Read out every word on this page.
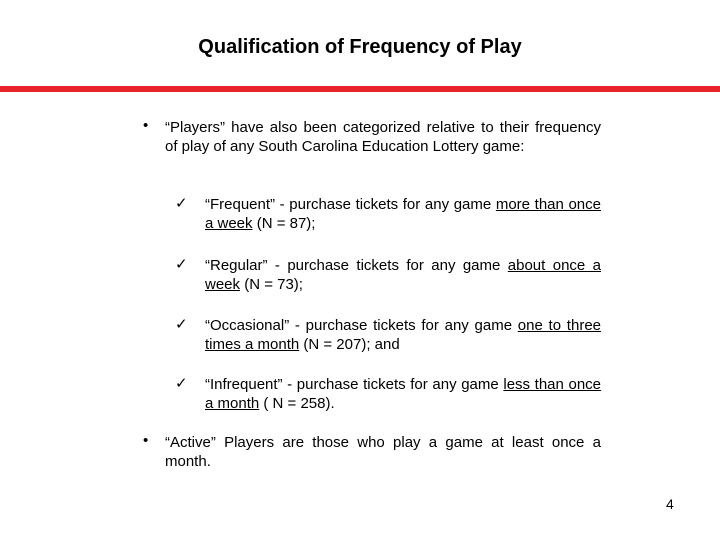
Qualification of Frequency of Play
• “Players” have also been categorized relative to their frequency of play of any South Carolina Education Lottery game:
✓ “Frequent” - purchase tickets for any game more than once a week (N = 87);
✓ “Regular” - purchase tickets for any game about once a week (N = 73);
✓ “Occasional” - purchase tickets for any game one to three times a month (N = 207); and
✓ “Infrequent” - purchase tickets for any game less than once a month ( N = 258).
• “Active” Players are those who play a game at least once a month.
4
